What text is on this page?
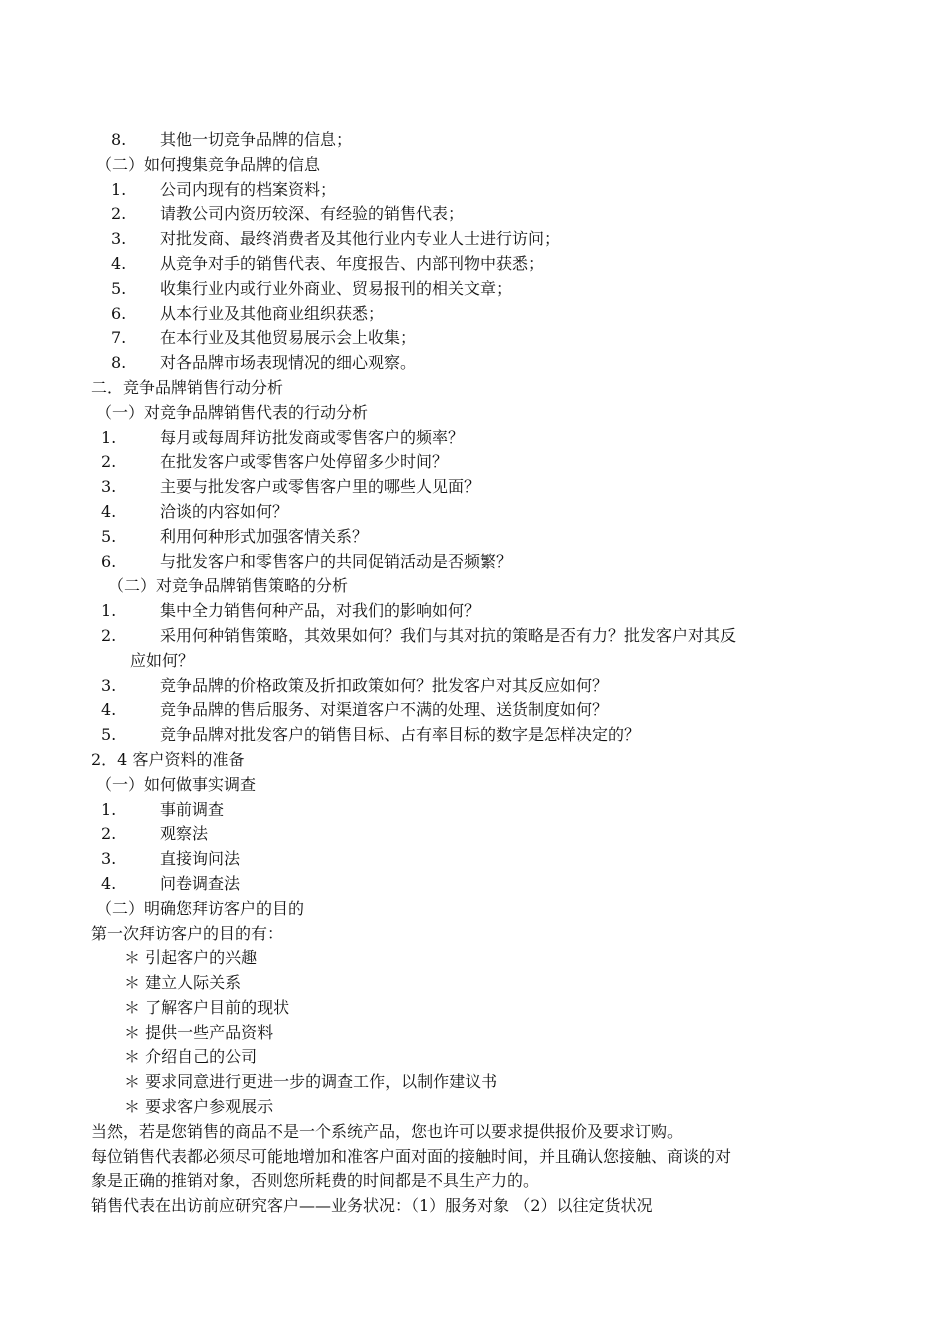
8. 其他一切竞争品牌的信息；
（二）如何搜集竞争品牌的信息
1. 公司内现有的档案资料；
2. 请教公司内资历较深、有经验的销售代表；
3. 对批发商、最终消费者及其他行业内专业人士进行访问；
4. 从竞争对手的销售代表、年度报告、内部刊物中获悉；
5. 收集行业内或行业外商业、贸易报刊的相关文章；
6. 从本行业及其他商业组织获悉；
7. 在本行业及其他贸易展示会上收集；
8. 对各品牌市场表现情况的细心观察。
二．竞争品牌销售行动分析
（一）对竞争品牌销售代表的行动分析
1.	每月或每周拜访批发商或零售客户的频率？
2.	在批发客户或零售客户处停留多少时间？
3.	主要与批发客户或零售客户里的哪些人见面？
4.	洽谈的内容如何？
5.	利用何种形式加强客情关系？
6.	与批发客户和零售客户的共同促销活动是否频繁？
（二）对竞争品牌销售策略的分析
1.	集中全力销售何种产品，对我们的影响如何？
2.	采用何种销售策略，其效果如何？我们与其对抗的策略是否有力？批发客户对其反
应如何？
3.	竞争品牌的价格政策及折扣政策如何？批发客户对其反应如何？
4.	竞争品牌的售后服务、对渠道客户不满的处理、送货制度如何？
5.	竞争品牌对批发客户的销售目标、占有率目标的数字是怎样决定的？
2．4 客户资料的准备
（一）如何做事实调查
1.	事前调查
2.	观察法
3.	直接询问法
4.	问卷调查法
（二）明确您拜访客户的目的
第一次拜访客户的目的有：
＊ 引起客户的兴趣
＊ 建立人际关系
＊ 了解客户目前的现状
＊ 提供一些产品资料
＊ 介绍自己的公司
＊ 要求同意进行更进一步的调查工作，以制作建议书
＊ 要求客户参观展示
当然，若是您销售的商品不是一个系统产品，您也许可以要求提供报价及要求订购。
每位销售代表都必须尽可能地增加和准客户面对面的接触时间，并且确认您接触、商谈的对
象是正确的推销对象，否则您所耗费的时间都是不具生产力的。
销售代表在出访前应研究客户——业务状况：（1）服务对象 （2）以往定货状况
